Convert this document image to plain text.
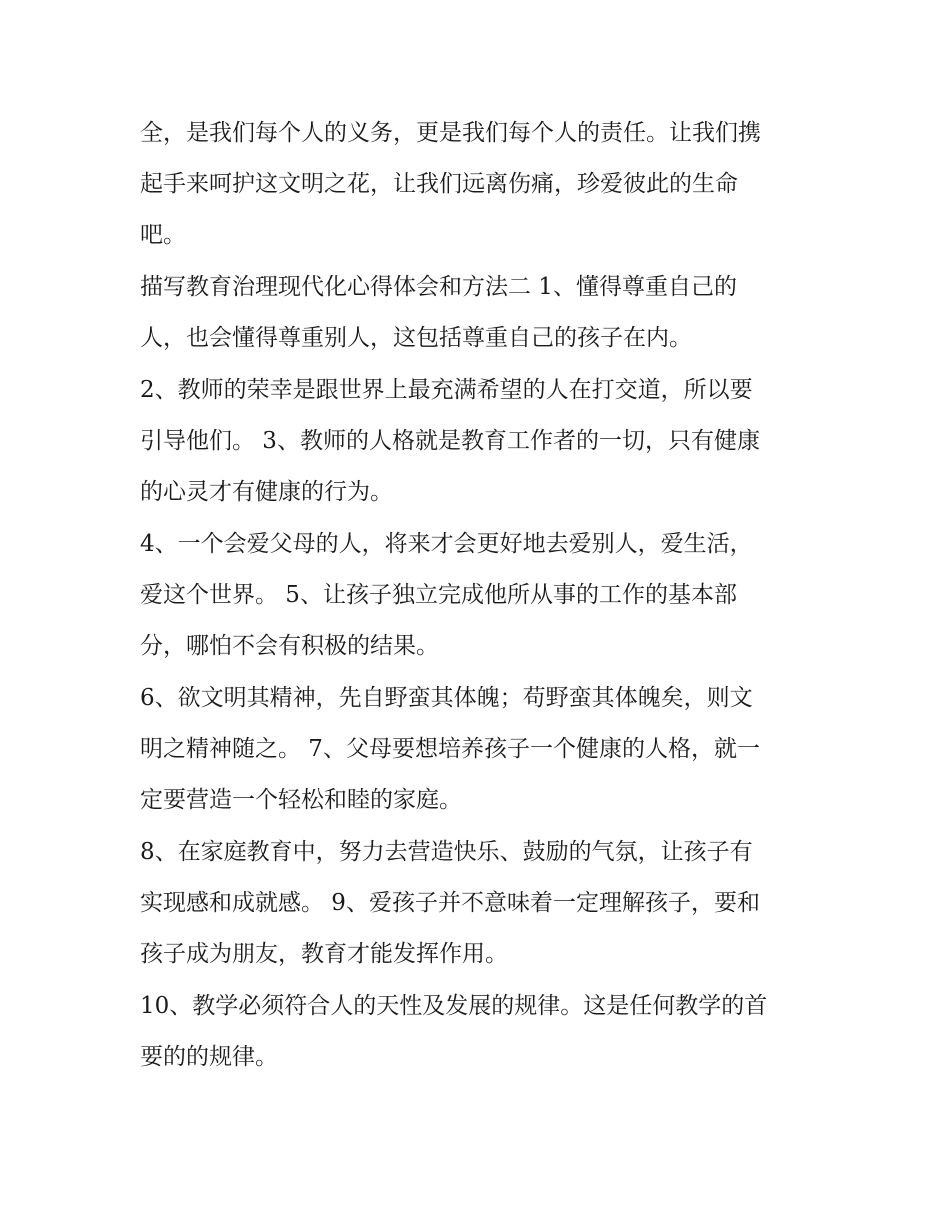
全，是我们每个人的义务，更是我们每个人的责任。让我们携
起手来呵护这文明之花，让我们远离伤痛，珍爱彼此的生命
吧。

描写教育治理现代化心得体会和方法二 1、懂得尊重自己的
人，也会懂得尊重别人，这包括尊重自己的孩子在内。

2、教师的荣幸是跟世界上最充满希望的人在打交道，所以要
引导他们。 3、教师的人格就是教育工作者的一切，只有健康
的心灵才有健康的行为。

4、一个会爱父母的人，将来才会更好地去爱别人，爱生活，
爱这个世界。 5、让孩子独立完成他所从事的工作的基本部
分，哪怕不会有积极的结果。

6、欲文明其精神，先自野蛮其体魄；苟野蛮其体魄矣，则文
明之精神随之。 7、父母要想培养孩子一个健康的人格，就一
定要营造一个轻松和睦的家庭。

8、在家庭教育中，努力去营造快乐、鼓励的气氛，让孩子有
实现感和成就感。 9、爱孩子并不意味着一定理解孩子，要和
孩子成为朋友，教育才能发挥作用。

10、教学必须符合人的天性及发展的规律。这是任何教学的首
要的的规律。
